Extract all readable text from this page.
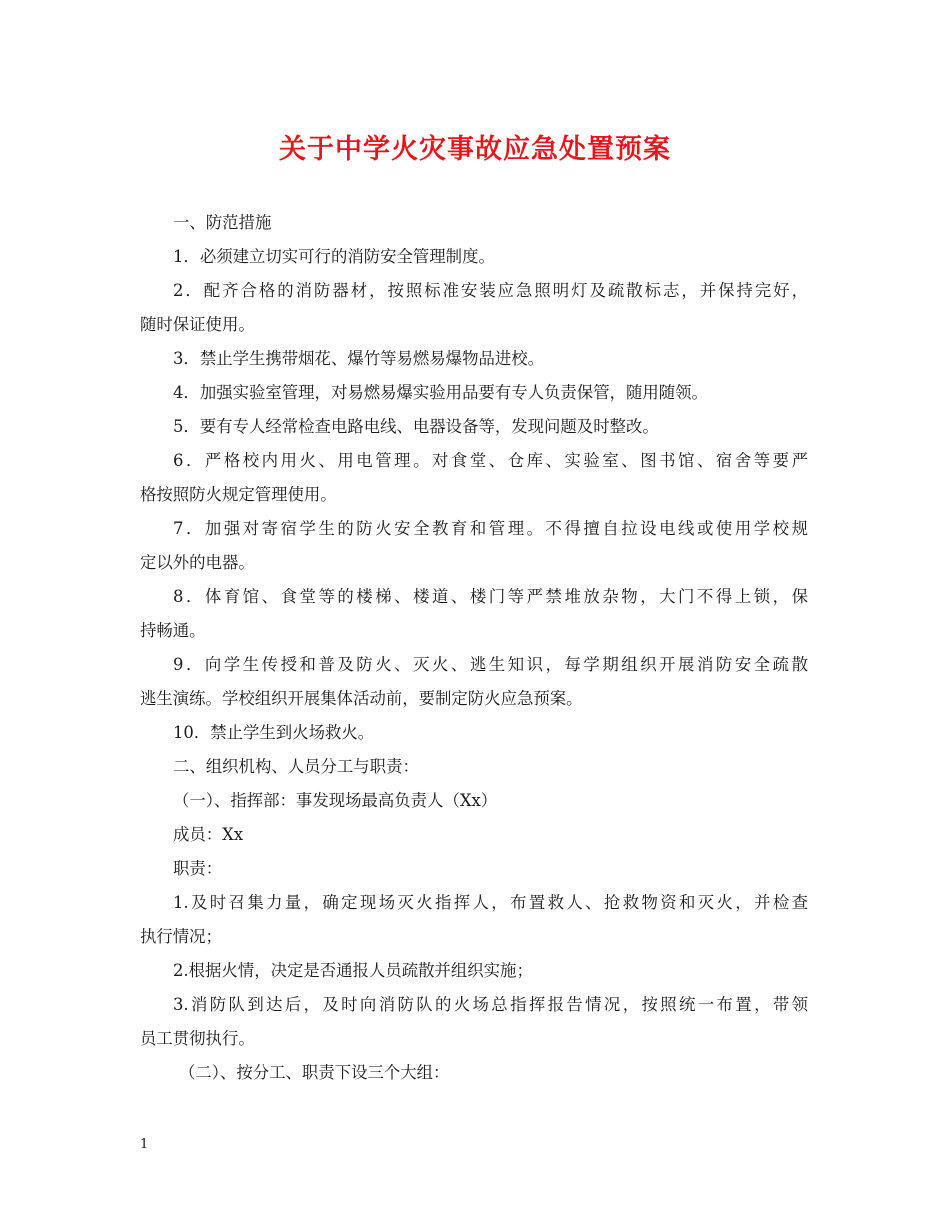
关于中学火灾事故应急处置预案
一、防范措施
1．必须建立切实可行的消防安全管理制度。
2．配齐合格的消防器材，按照标准安装应急照明灯及疏散标志，并保持完好，
随时保证使用。
3．禁止学生携带烟花、爆竹等易燃易爆物品进校。
4．加强实验室管理，对易燃易爆实验用品要有专人负责保管，随用随领。
5．要有专人经常检查电路电线、电器设备等，发现问题及时整改。
6．严格校内用火、用电管理。对食堂、仓库、实验室、图书馆、宿舍等要严
格按照防火规定管理使用。
7．加强对寄宿学生的防火安全教育和管理。不得擅自拉设电线或使用学校规
定以外的电器。
8．体育馆、食堂等的楼梯、楼道、楼门等严禁堆放杂物，大门不得上锁，保
持畅通。
9．向学生传授和普及防火、灭火、逃生知识，每学期组织开展消防安全疏散
逃生演练。学校组织开展集体活动前，要制定防火应急预案。
10．禁止学生到火场救火。
二、组织机构、人员分工与职责：
（一）、指挥部：事发现场最高负责人（Xx）
成员：Xx
职责：
1.及时召集力量，确定现场灭火指挥人，布置救人、抢救物资和灭火，并检查
执行情况；
2.根据火情，决定是否通报人员疏散并组织实施；
3.消防队到达后，及时向消防队的火场总指挥报告情况，按照统一布置，带领
员工贯彻执行。
（二）、按分工、职责下设三个大组：
1
